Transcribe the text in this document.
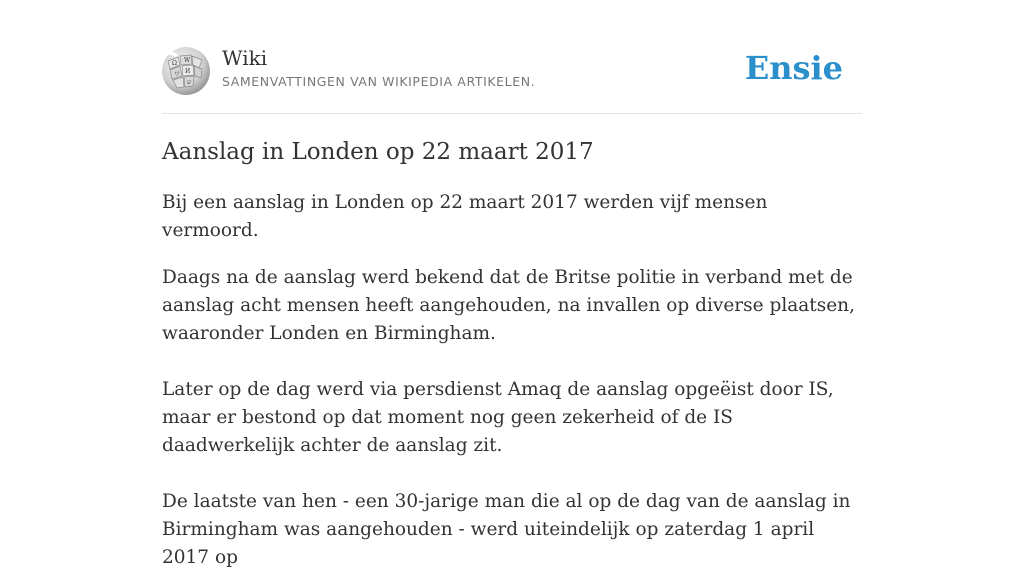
Ω W
И
ワ
ש
Wiki
SAMENVATTINGEN VAN WIKIPEDIA ARTIKELEN.	Ensie
Aanslag in Londen op 22 maart 2017

Bij een aanslag in Londen op 22 maart 2017 werden vijf mensen vermoord.

Daags na de aanslag werd bekend dat de Britse politie in verband met de aanslag acht mensen heeft aangehouden, na invallen op diverse plaatsen, waaronder Londen en Birmingham.

Later op de dag werd via persdienst Amaq de aanslag opgeëist door IS, maar er bestond op dat moment nog geen zekerheid of de IS daadwerkelijk achter de aanslag zit.

De laatste van hen - een 30-jarige man die al op de dag van de aanslag in Birmingham was aangehouden - werd uiteindelijk op zaterdag 1 april 2017 op
